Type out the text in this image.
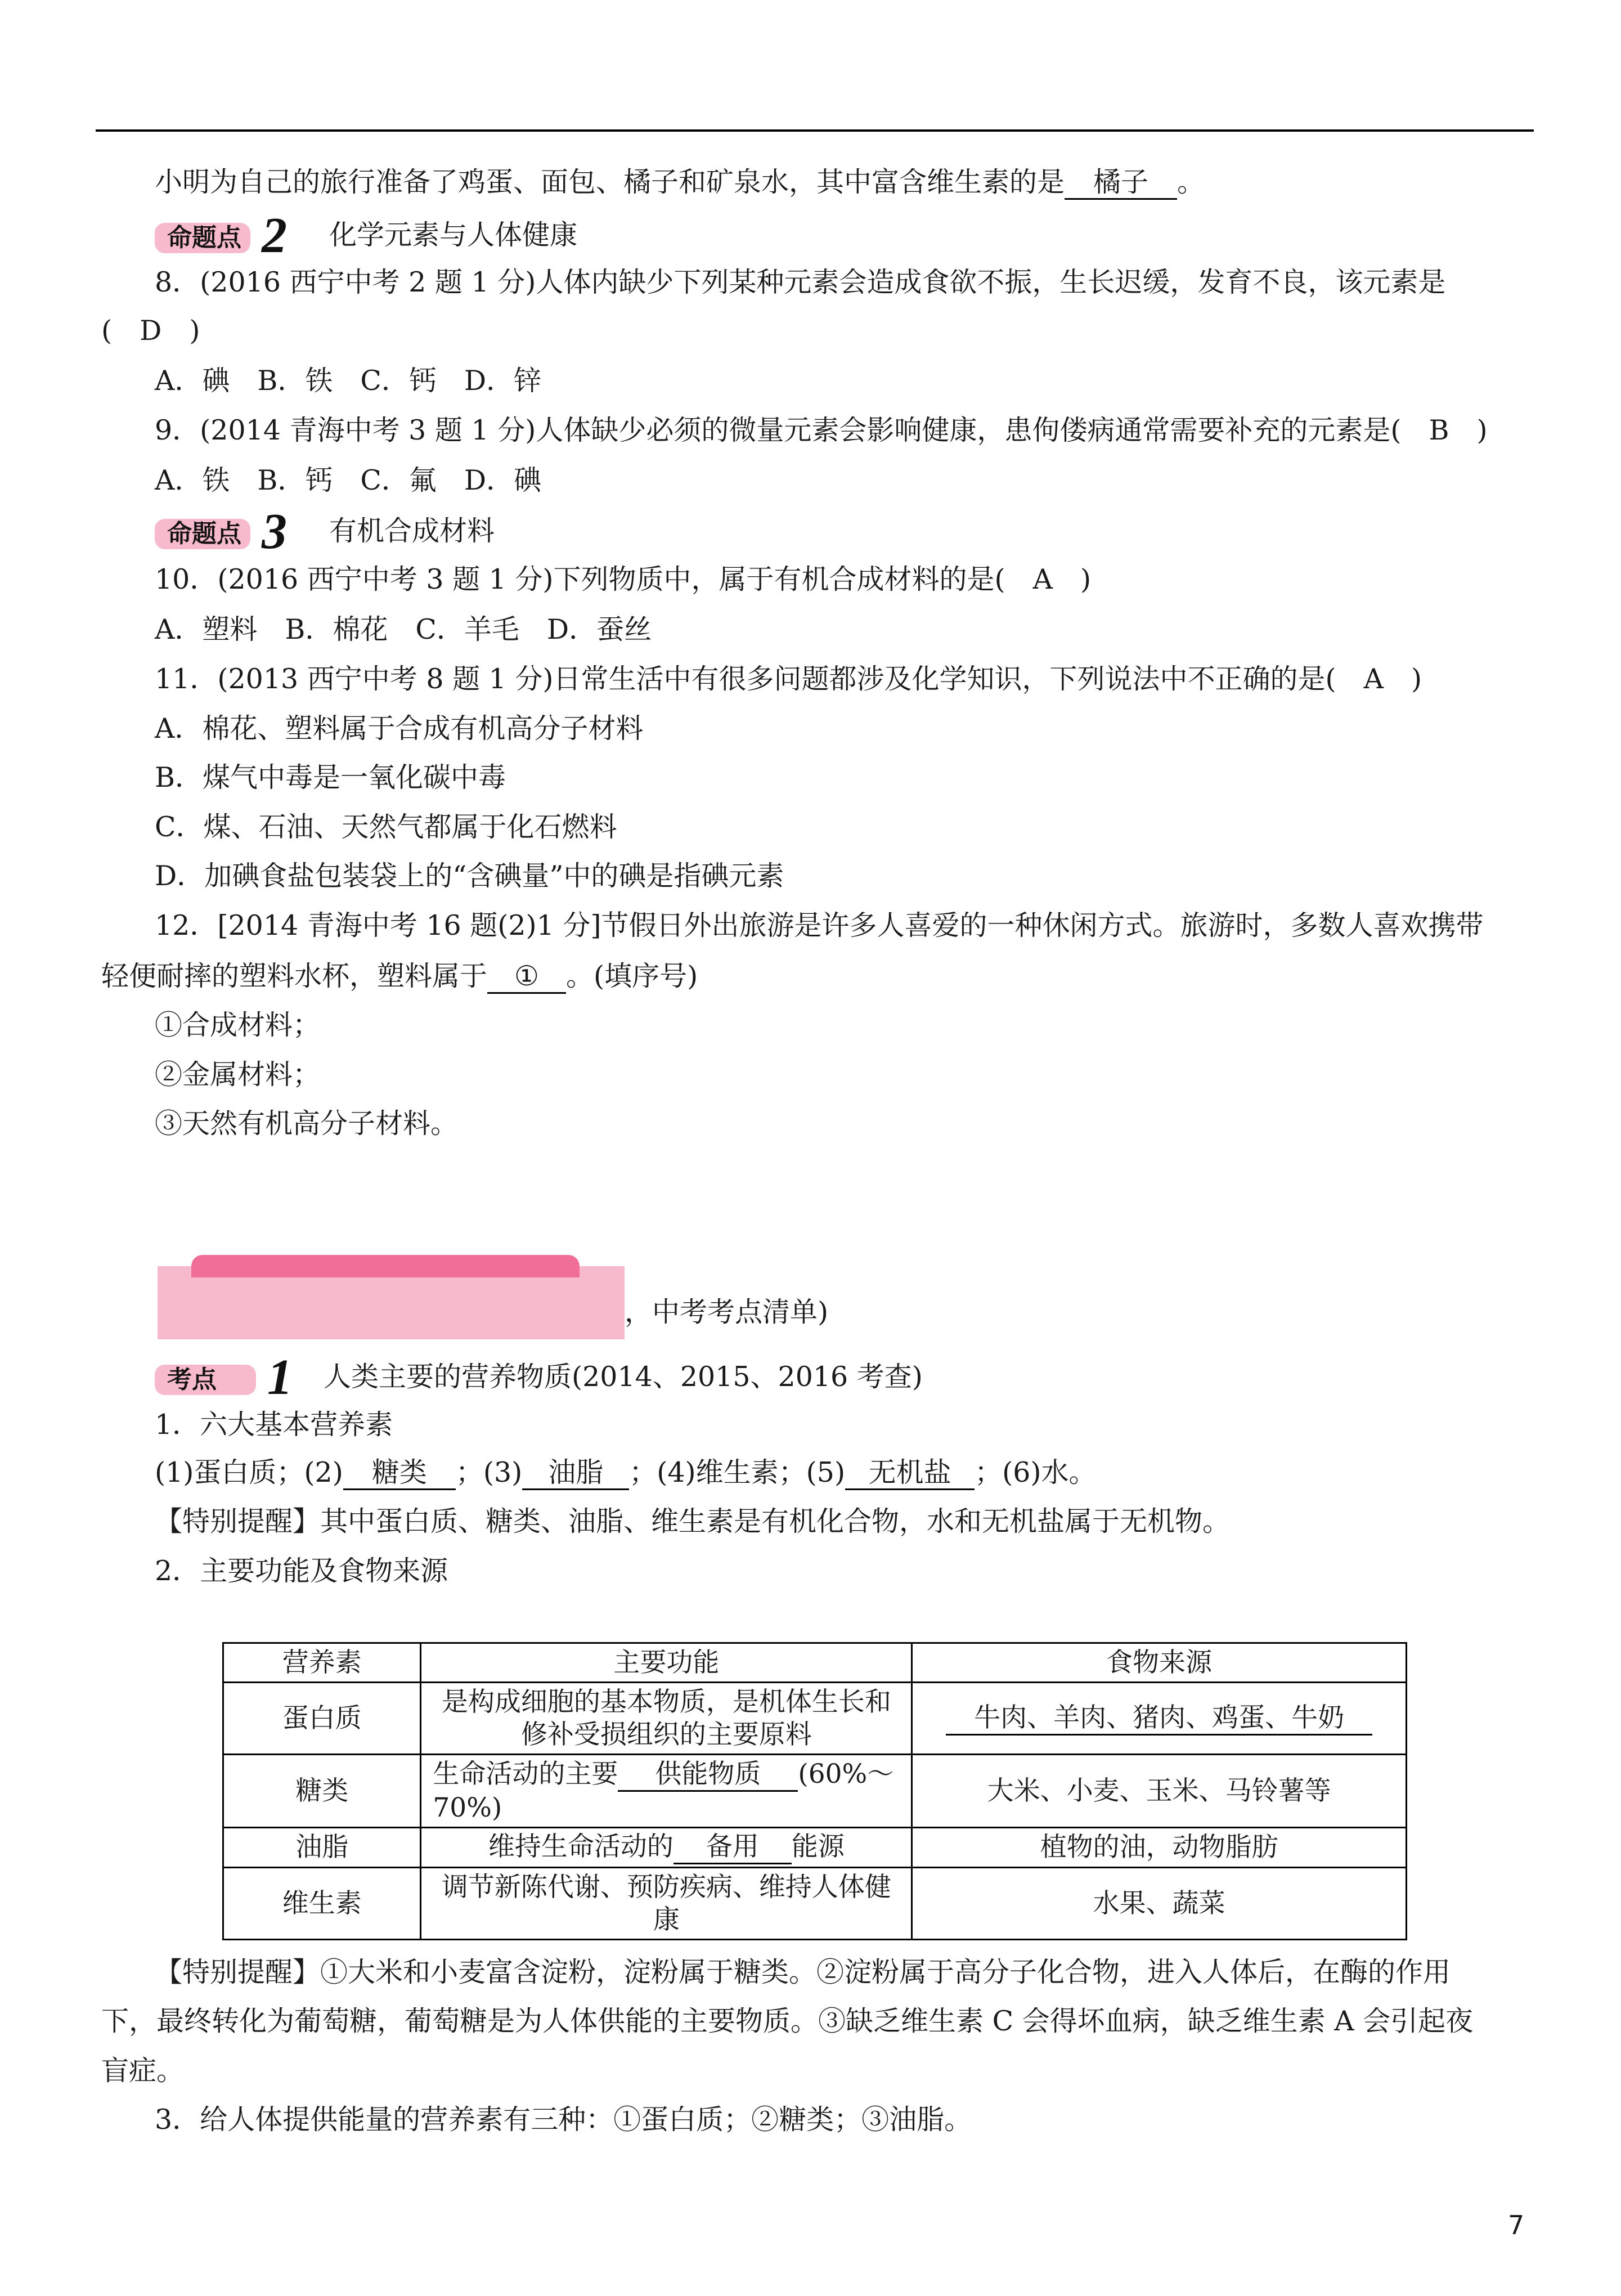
小明为自己的旅行准备了鸡蛋、面包、橘子和矿泉水，其中富含维生素的是 橘子 。
命题点 2 化学元素与人体健康
8．(2016 西宁中考 2 题 1 分)人体内缺少下列某种元素会造成食欲不振，生长迟缓，发育不良，该元素是
(　D　)
A．碘　B．铁　C．钙　D．锌
9．(2014 青海中考 3 题 1 分)人体缺少必须的微量元素会影响健康，患佝偻病通常需要补充的元素是(　B　)
A．铁　B．钙　C．氟　D．碘
命题点 3 有机合成材料
10．(2016 西宁中考 3 题 1 分)下列物质中，属于有机合成材料的是(　A　)
A．塑料　B．棉花　C．羊毛　D．蚕丝
11．(2013 西宁中考 8 题 1 分)日常生活中有很多问题都涉及化学知识，下列说法中不正确的是(　A　)
A．棉花、塑料属于合成有机高分子材料
B．煤气中毒是一氧化碳中毒
C．煤、石油、天然气都属于化石燃料
D．加碘食盐包装袋上的“含碘量”中的碘是指碘元素
12．[2014 青海中考 16 题(2)1 分]节假日外出旅游是许多人喜爱的一种休闲方式。旅游时，多数人喜欢携带
轻便耐摔的塑料水杯，塑料属于 ① 。(填序号)
①合成材料；
②金属材料；
③天然有机高分子材料。
，中考考点清单)
考点 1 人类主要的营养物质(2014、2015、2016 考查)
1．六大基本营养素
(1)蛋白质；(2) 糖类 ；(3) 油脂 ；(4)维生素；(5) 无机盐 ；(6)水。
【特别提醒】其中蛋白质、糖类、油脂、维生素是有机化合物，水和无机盐属于无机物。
2．主要功能及食物来源
营养素	主要功能	食物来源
蛋白质	是构成细胞的基本物质，是机体生长和修补受损组织的主要原料	牛肉、羊肉、猪肉、鸡蛋、牛奶
糖类	生命活动的主要 供能物质 (60%～70%)	大米、小麦、玉米、马铃薯等
油脂	维持生命活动的 备用 能源	植物的油，动物脂肪
维生素	调节新陈代谢、预防疾病、维持人体健康	水果、蔬菜
【特别提醒】①大米和小麦富含淀粉，淀粉属于糖类。②淀粉属于高分子化合物，进入人体后，在酶的作用
下，最终转化为葡萄糖，葡萄糖是为人体供能的主要物质。③缺乏维生素 C 会得坏血病，缺乏维生素 A 会引起夜
盲症。
3．给人体提供能量的营养素有三种：①蛋白质；②糖类；③油脂。
7
